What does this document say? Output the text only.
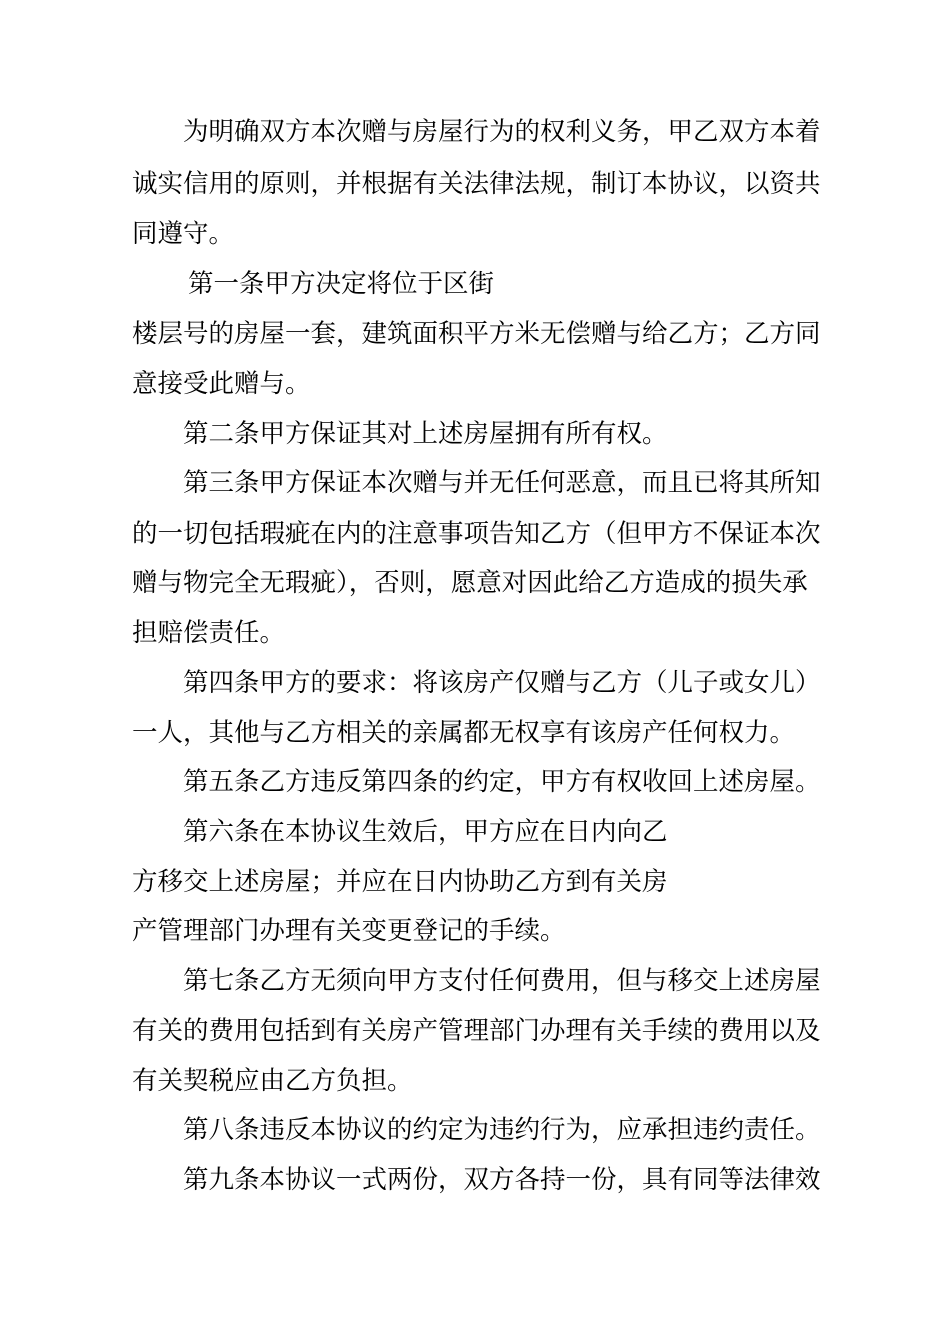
为明确双方本次赠与房屋行为的权利义务，甲乙双方本着
诚实信用的原则，并根据有关法律法规，制订本协议，以资共
同遵守。
第一条甲方决定将位于区街
楼层号的房屋一套，建筑面积平方米无偿赠与给乙方；乙方同
意接受此赠与。
第二条甲方保证其对上述房屋拥有所有权。
第三条甲方保证本次赠与并无任何恶意，而且已将其所知
的一切包括瑕疵在内的注意事项告知乙方（但甲方不保证本次
赠与物完全无瑕疵），否则，愿意对因此给乙方造成的损失承
担赔偿责任。
第四条甲方的要求：将该房产仅赠与乙方（儿子或女儿）
一人，其他与乙方相关的亲属都无权享有该房产任何权力。
第五条乙方违反第四条的约定，甲方有权收回上述房屋。
第六条在本协议生效后，甲方应在日内向乙
方移交上述房屋；并应在日内协助乙方到有关房
产管理部门办理有关变更登记的手续。
第七条乙方无须向甲方支付任何费用，但与移交上述房屋
有关的费用包括到有关房产管理部门办理有关手续的费用以及
有关契税应由乙方负担。
第八条违反本协议的约定为违约行为，应承担违约责任。
第九条本协议一式两份，双方各持一份，具有同等法律效
